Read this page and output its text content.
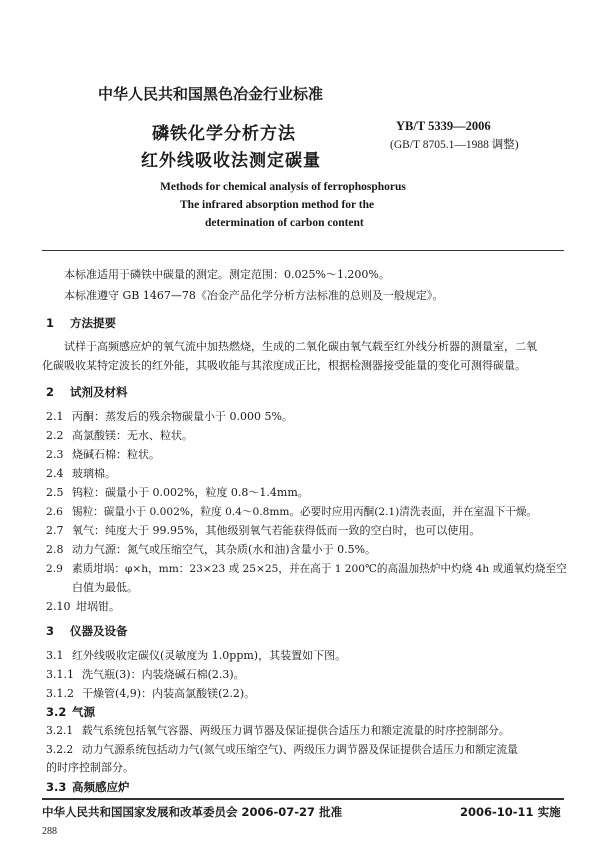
中华人民共和国黑色冶金行业标准
磷铁化学分析方法
红外线吸收法测定碳量
YB/T 5339—2006
(GB/T 8705.1—1988 调整)
Methods for chemical analysis of ferrophosphorus
The infrared absorption method for the
determination of carbon content
本标准适用于磷铁中碳量的测定。测定范围：0.025%～1.200%。
本标准遵守 GB 1467—78《冶金产品化学分析方法标准的总则及一般规定》。
1 方法提要
试样于高频感应炉的氧气流中加热燃烧，生成的二氧化碳由氧气载至红外线分析器的测量室，二氧
化碳吸收某特定波长的红外能，其吸收能与其浓度成正比，根据检测器接受能量的变化可测得碳量。
2 试剂及材料
2.1 丙酮：蒸发后的残余物碳量小于 0.000 5%。
2.2 高氯酸镁：无水、粒状。
2.3 烧碱石棉：粒状。
2.4 玻璃棉。
2.5 钨粒：碳量小于 0.002%，粒度 0.8～1.4mm。
2.6 锡粒：碳量小于 0.002%，粒度 0.4～0.8mm。必要时应用丙酮(2.1)清洗表面，并在室温下干燥。
2.7 氧气：纯度大于 99.95%，其他级别氧气若能获得低而一致的空白时，也可以使用。
2.8 动力气源：氮气或压缩空气，其杂质(水和油)含量小于 0.5%。
2.9 素质坩埚：φ×h，mm：23×23 或 25×25，并在高于 1 200℃的高温加热炉中灼烧 4h 或通氧灼烧至空
白值为最低。
2.10 坩埚钳。
3 仪器及设备
3.1 红外线吸收定碳仪(灵敏度为 1.0ppm)，其装置如下图。
3.1.1 洗气瓶(3)：内装烧碱石棉(2.3)。
3.1.2 干燥管(4,9)：内装高氯酸镁(2.2)。
3.2 气源
3.2.1 载气系统包括氧气容器、两级压力调节器及保证提供合适压力和额定流量的时序控制部分。
3.2.2 动力气源系统包括动力气(氮气或压缩空气)、两级压力调节器及保证提供合适压力和额定流量
的时序控制部分。
3.3 高频感应炉
中华人民共和国国家发展和改革委员会 2006-07-27 批准	2006-10-11 实施
288
